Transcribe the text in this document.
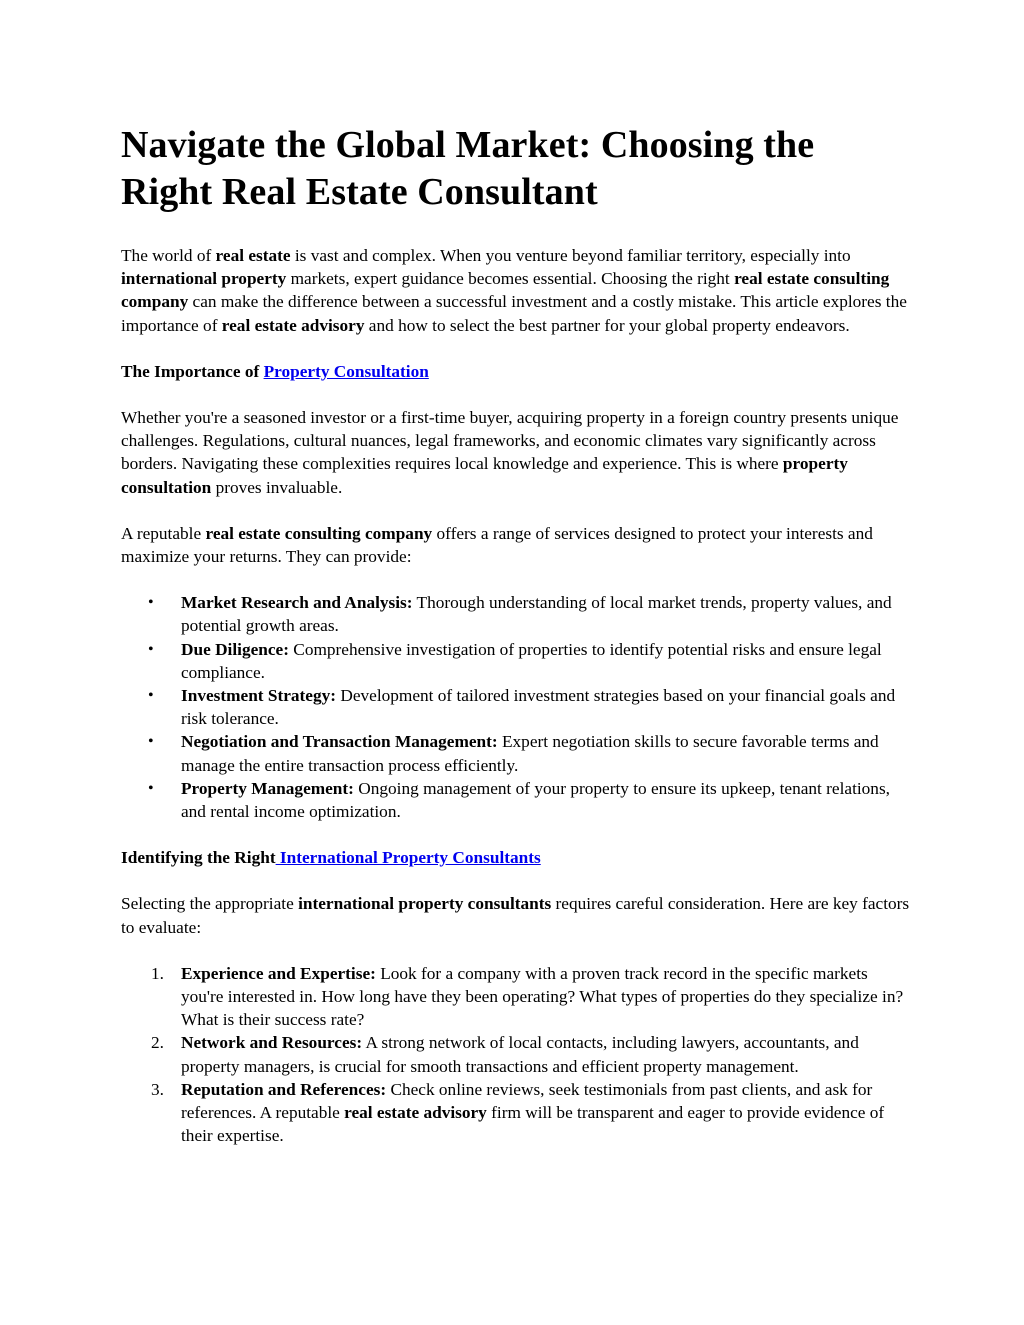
Navigate the Global Market: Choosing the Right Real Estate Consultant

The world of real estate is vast and complex. When you venture beyond familiar territory, especially into international property markets, expert guidance becomes essential. Choosing the right real estate consulting company can make the difference between a successful investment and a costly mistake. This article explores the importance of real estate advisory and how to select the best partner for your global property endeavors.

The Importance of Property Consultation

Whether you're a seasoned investor or a first-time buyer, acquiring property in a foreign country presents unique challenges. Regulations, cultural nuances, legal frameworks, and economic climates vary significantly across borders. Navigating these complexities requires local knowledge and experience. This is where property consultation proves invaluable.

A reputable real estate consulting company offers a range of services designed to protect your interests and maximize your returns. They can provide:

• Market Research and Analysis: Thorough understanding of local market trends, property values, and potential growth areas.
• Due Diligence: Comprehensive investigation of properties to identify potential risks and ensure legal compliance.
• Investment Strategy: Development of tailored investment strategies based on your financial goals and risk tolerance.
• Negotiation and Transaction Management: Expert negotiation skills to secure favorable terms and manage the entire transaction process efficiently.
• Property Management: Ongoing management of your property to ensure its upkeep, tenant relations, and rental income optimization.

Identifying the Right International Property Consultants

Selecting the appropriate international property consultants requires careful consideration. Here are key factors to evaluate:

1. Experience and Expertise: Look for a company with a proven track record in the specific markets you're interested in. How long have they been operating? What types of properties do they specialize in? What is their success rate?
2. Network and Resources: A strong network of local contacts, including lawyers, accountants, and property managers, is crucial for smooth transactions and efficient property management.
3. Reputation and References: Check online reviews, seek testimonials from past clients, and ask for references. A reputable real estate advisory firm will be transparent and eager to provide evidence of their expertise.
